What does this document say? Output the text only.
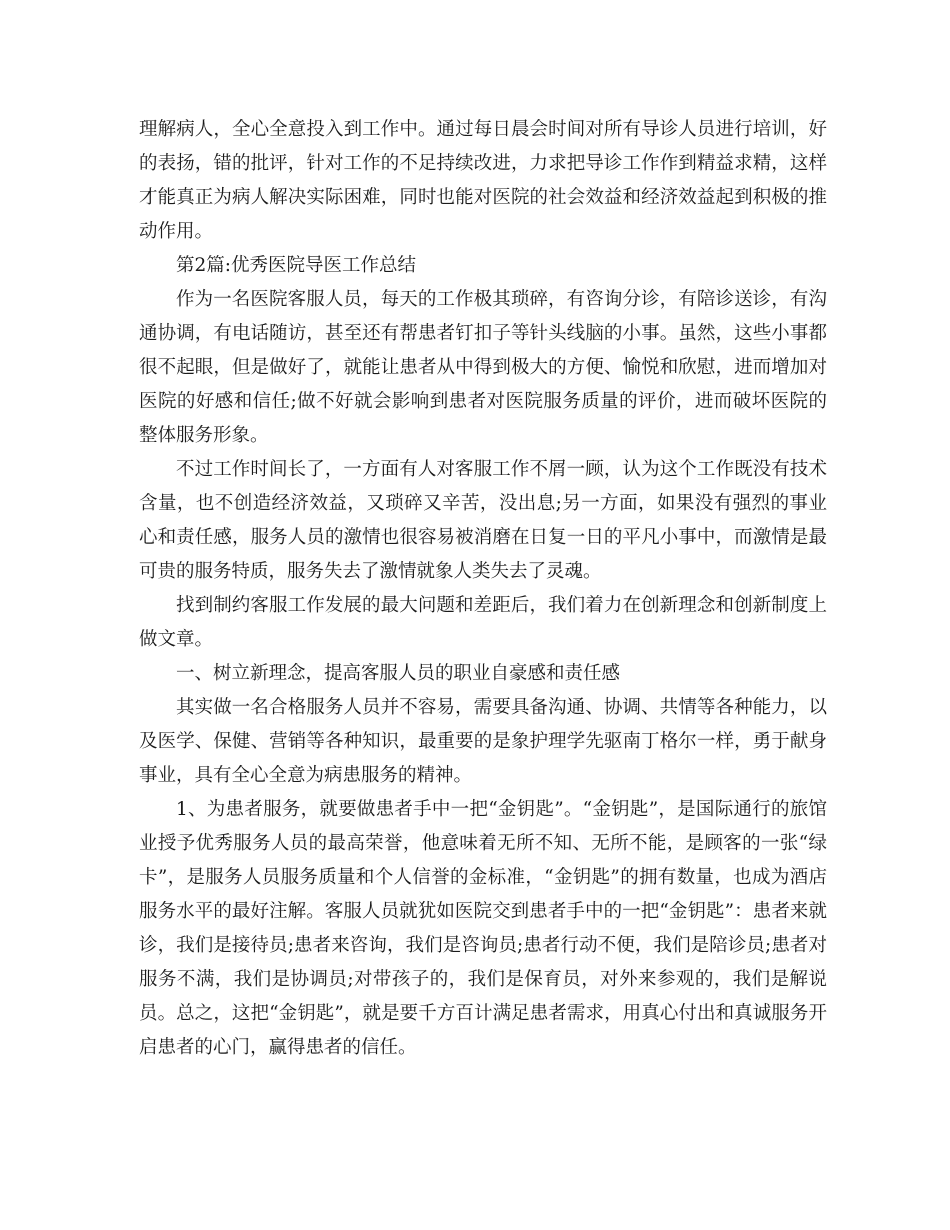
理解病人，全心全意投入到工作中。通过每日晨会时间对所有导诊人员进行培训，好的表扬，错的批评，针对工作的不足持续改进，力求把导诊工作作到精益求精，这样才能真正为病人解决实际困难，同时也能对医院的社会效益和经济效益起到积极的推动作用。

第2篇:优秀医院导医工作总结

作为一名医院客服人员，每天的工作极其琐碎，有咨询分诊，有陪诊送诊，有沟通协调，有电话随访，甚至还有帮患者钉扣子等针头线脑的小事。虽然，这些小事都很不起眼，但是做好了，就能让患者从中得到极大的方便、愉悦和欣慰，进而增加对医院的好感和信任;做不好就会影响到患者对医院服务质量的评价，进而破坏医院的整体服务形象。

不过工作时间长了，一方面有人对客服工作不屑一顾，认为这个工作既没有技术含量，也不创造经济效益，又琐碎又辛苦，没出息;另一方面，如果没有强烈的事业心和责任感，服务人员的激情也很容易被消磨在日复一日的平凡小事中，而激情是最可贵的服务特质，服务失去了激情就象人类失去了灵魂。

找到制约客服工作发展的最大问题和差距后，我们着力在创新理念和创新制度上做文章。

一、树立新理念，提高客服人员的职业自豪感和责任感

其实做一名合格服务人员并不容易，需要具备沟通、协调、共情等各种能力，以及医学、保健、营销等各种知识，最重要的是象护理学先驱南丁格尔一样，勇于献身事业，具有全心全意为病患服务的精神。

1、为患者服务，就要做患者手中一把“金钥匙”。“金钥匙”，是国际通行的旅馆业授予优秀服务人员的最高荣誉，他意味着无所不知、无所不能，是顾客的一张“绿卡”，是服务人员服务质量和个人信誉的金标准，“金钥匙”的拥有数量，也成为酒店服务水平的最好注解。客服人员就犹如医院交到患者手中的一把“金钥匙”：患者来就诊，我们是接待员;患者来咨询，我们是咨询员;患者行动不便，我们是陪诊员;患者对服务不满，我们是协调员;对带孩子的，我们是保育员，对外来参观的，我们是解说员。总之，这把“金钥匙”，就是要千方百计满足患者需求，用真心付出和真诚服务开启患者的心门，赢得患者的信任。
